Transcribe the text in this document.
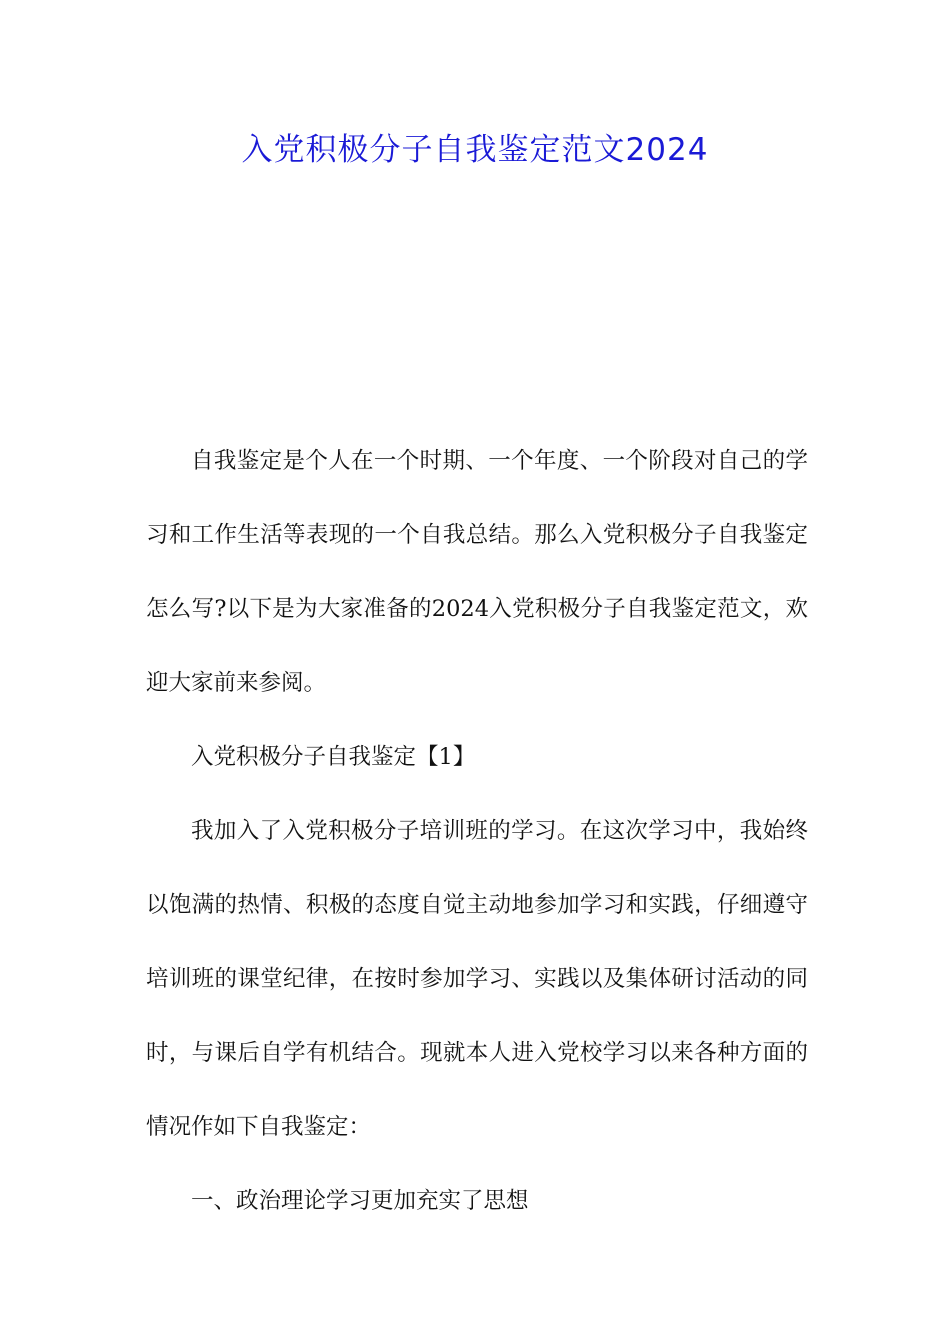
入党积极分子自我鉴定范文2024

自我鉴定是个人在一个时期、一个年度、一个阶段对自己的学习和工作生活等表现的一个自我总结。那么入党积极分子自我鉴定怎么写?以下是为大家准备的2024入党积极分子自我鉴定范文，欢迎大家前来参阅。

入党积极分子自我鉴定【1】

我加入了入党积极分子培训班的学习。在这次学习中，我始终以饱满的热情、积极的态度自觉主动地参加学习和实践，仔细遵守培训班的课堂纪律，在按时参加学习、实践以及集体研讨活动的同时，与课后自学有机结合。现就本人进入党校学习以来各种方面的情况作如下自我鉴定：

一、政治理论学习更加充实了思想
